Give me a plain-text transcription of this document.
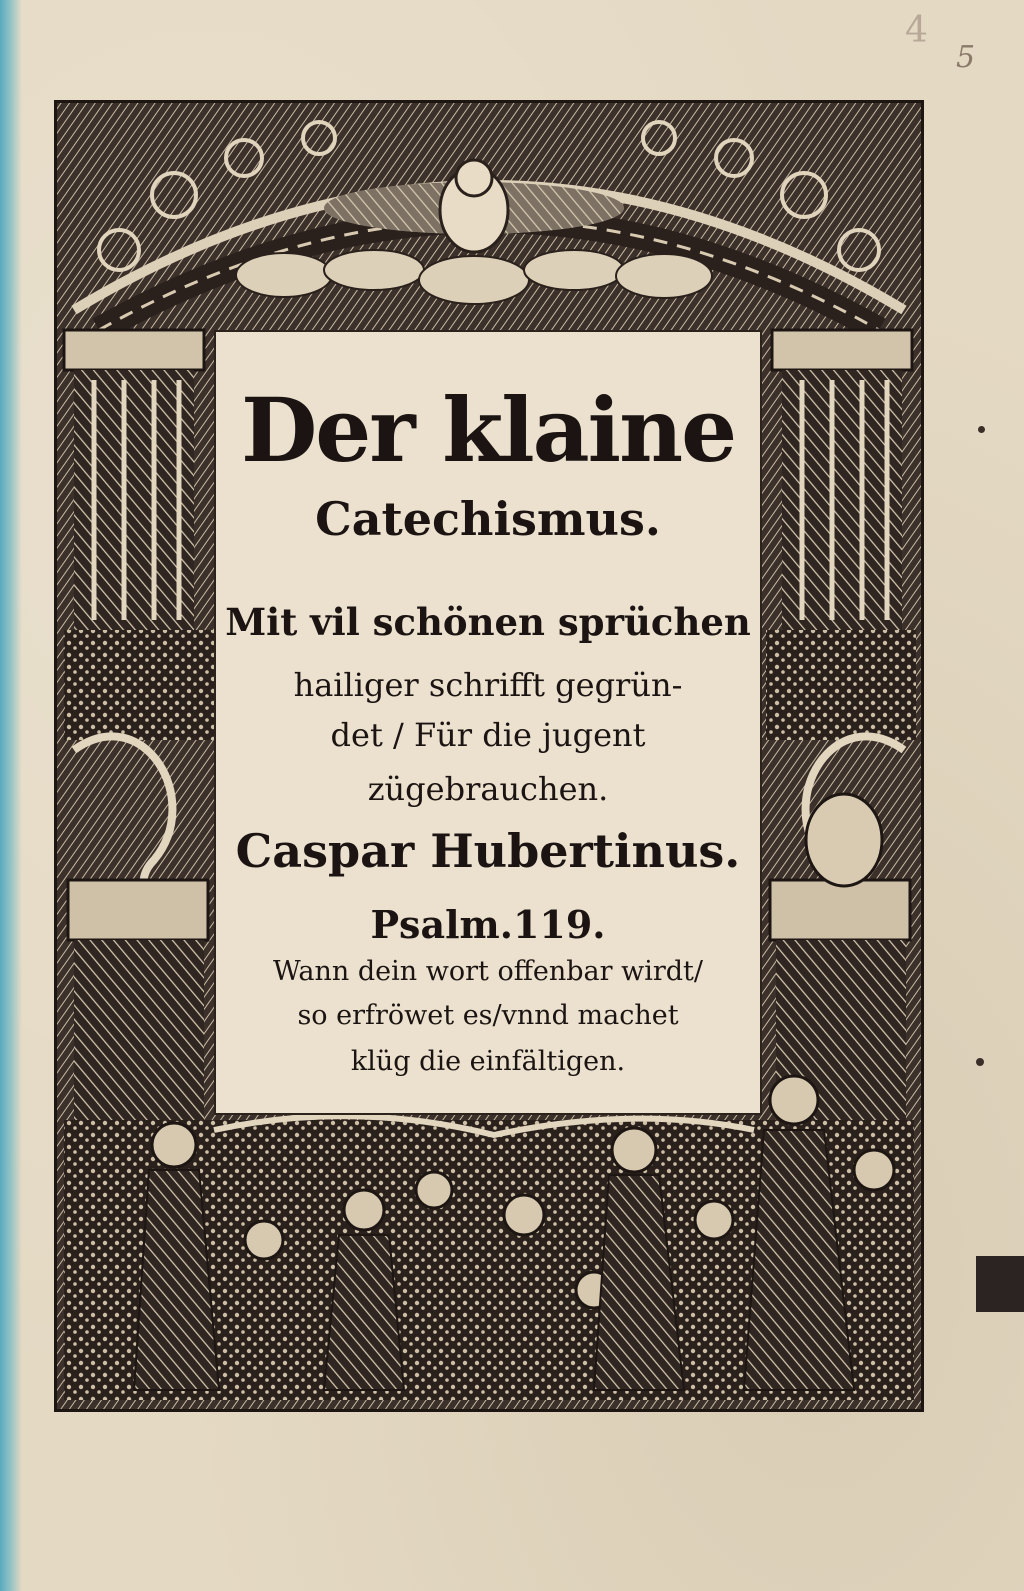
4
5
Der klaine
Catechismus.
Mit vil schönen sprüchen
hailiger schrifft gegrün-
det / Für die jugent
zügebrauchen.
Caspar Hubertinus.
Psalm.119.
Wann dein wort offenbar wirdt/
so erfröwet es/vnnd machet
klüg die einfältigen.
